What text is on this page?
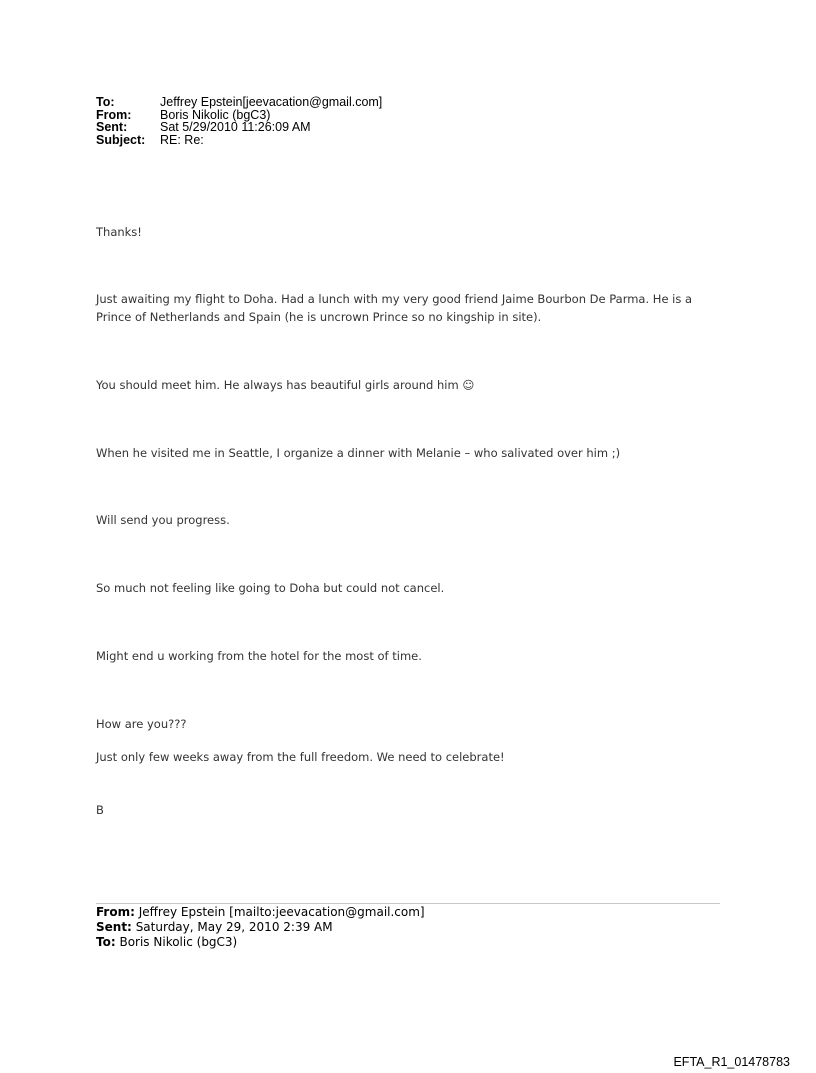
To:	Jeffrey Epstein[jeevacation@gmail.com]
From:	Boris Nikolic (bgC3)
Sent:	Sat 5/29/2010 11:26:09 AM
Subject:	RE: Re:
Thanks!
Just awaiting my flight to Doha. Had a lunch with my very good friend Jaime Bourbon De Parma. He is a Prince of Netherlands and Spain (he is uncrown Prince so no kingship in site).
You should meet him. He always has beautiful girls around him ☺
When he visited me in Seattle, I organize a dinner with Melanie – who salivated over him ;)
Will send you progress.
So much not feeling like going to Doha but could not cancel.
Might end u working from the hotel for the most of time.
How are you???
Just only few weeks away from the full freedom. We need to celebrate!
B
From: Jeffrey Epstein [mailto:jeevacation@gmail.com]
Sent: Saturday, May 29, 2010 2:39 AM
To: Boris Nikolic (bgC3)
EFTA_R1_01478783
